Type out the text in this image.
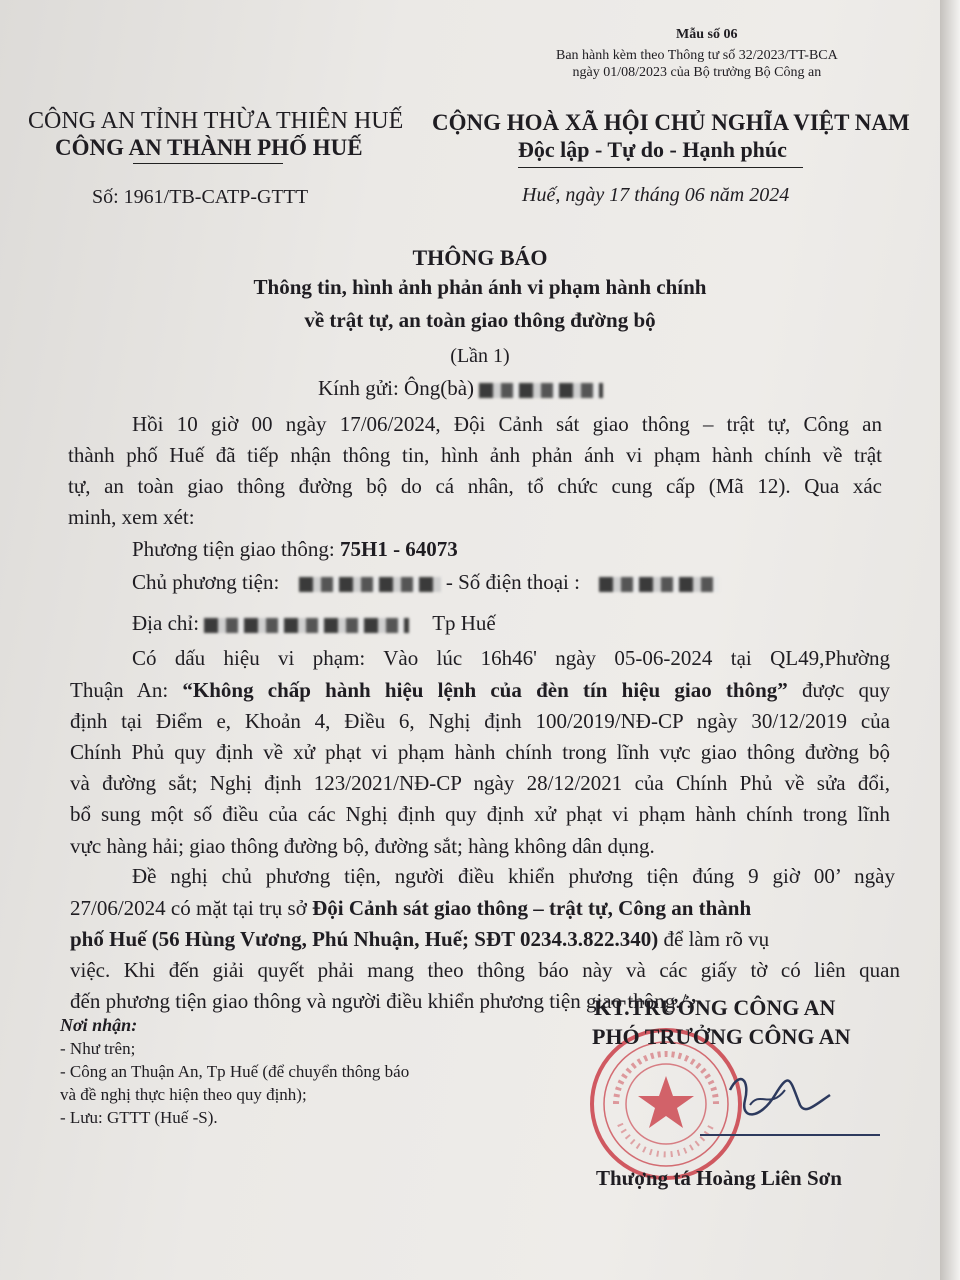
Mẫu số 06
Ban hành kèm theo Thông tư số 32/2023/TT-BCA
ngày 01/08/2023 của Bộ trưởng Bộ Công an
CÔNG AN TỈNH THỪA THIÊN HUẾ
CÔNG AN THÀNH PHỐ HUẾ
CỘNG HOÀ XÃ HỘI CHỦ NGHĨA VIỆT NAM
Độc lập - Tự do - Hạnh phúc
Số: 1961/TB-CATP-GTTT	Huế, ngày 17 tháng 06 năm 2024
THÔNG BÁO
Thông tin, hình ảnh phản ánh vi phạm hành chính
về trật tự, an toàn giao thông đường bộ
(Lần 1)
Kính gửi: Ông(bà)
Hồi 10 giờ 00 ngày 17/06/2024, Đội Cảnh sát giao thông – trật tự, Công an
thành phố Huế đã tiếp nhận thông tin, hình ảnh phản ánh vi phạm hành chính về trật
tự, an toàn giao thông đường bộ do cá nhân, tổ chức cung cấp (Mã 12). Qua xác
minh, xem xét:
Phương tiện giao thông: 75H1 - 64073
Chủ phương tiện:	- Số điện thoại :
Địa chỉ:	Tp Huế
Có dấu hiệu vi phạm: Vào lúc 16h46' ngày 05-06-2024 tại QL49,Phường
Thuận An: “Không chấp hành hiệu lệnh của đèn tín hiệu giao thông” được quy
định tại Điểm e, Khoản 4, Điều 6, Nghị định 100/2019/NĐ-CP ngày 30/12/2019 của
Chính Phủ quy định về xử phạt vi phạm hành chính trong lĩnh vực giao thông đường bộ
và đường sắt; Nghị định 123/2021/NĐ-CP ngày 28/12/2021 của Chính Phủ về sửa đổi,
bổ sung một số điều của các Nghị định quy định xử phạt vi phạm hành chính trong lĩnh
vực hàng hải; giao thông đường bộ, đường sắt; hàng không dân dụng.
Đề nghị chủ phương tiện, người điều khiển phương tiện đúng 9 giờ 00’ ngày
27/06/2024 có mặt tại trụ sở Đội Cảnh sát giao thông – trật tự, Công an thành
phố Huế (56 Hùng Vương, Phú Nhuận, Huế; SĐT 0234.3.822.340) để làm rõ vụ
việc. Khi đến giải quyết phải mang theo thông báo này và các giấy tờ có liên quan
đến phương tiện giao thông và người điều khiển phương tiện giao thông./.
Nơi nhận:
- Như trên;
- Công an Thuận An, Tp Huế (để chuyển thông báo
và đề nghị thực hiện theo quy định);
- Lưu: GTTT (Huế -S).
KT.TRƯỞNG CÔNG AN
PHÓ TRƯỞNG CÔNG AN
Thượng tá Hoàng Liên Sơn
